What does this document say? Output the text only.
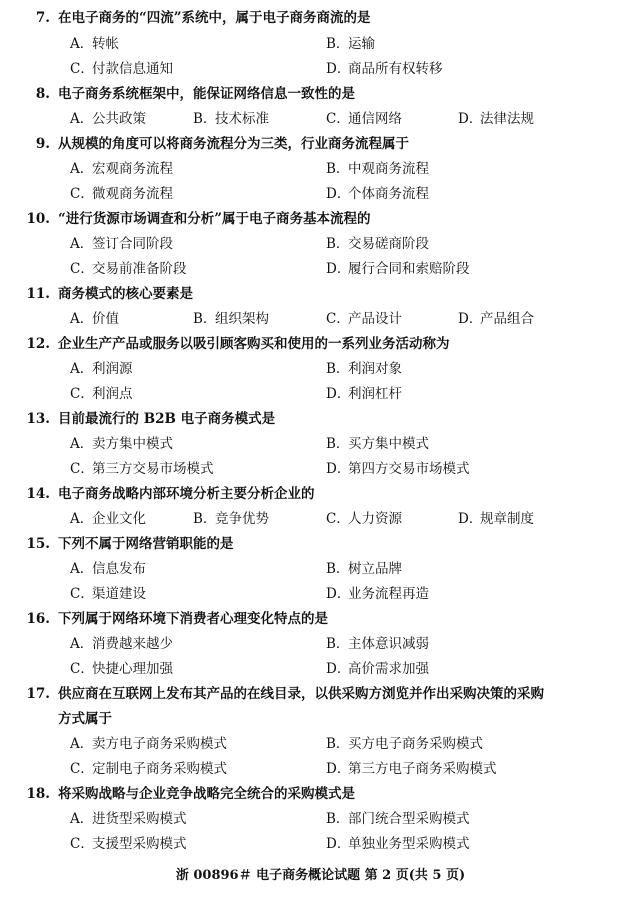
7. 在电子商务的“四流”系统中，属于电子商务商流的是
A．转帐	B．运输
C．付款信息通知	D．商品所有权转移
8. 电子商务系统框架中，能保证网络信息一致性的是
A．公共政策	B．技术标准	C．通信网络	D．法律法规
9. 从规模的角度可以将商务流程分为三类，行业商务流程属于
A．宏观商务流程	B．中观商务流程
C．微观商务流程	D．个体商务流程
10. “进行货源市场调查和分析”属于电子商务基本流程的
A．签订合同阶段	B．交易磋商阶段
C．交易前准备阶段	D．履行合同和索赔阶段
11. 商务模式的核心要素是
A．价值	B．组织架构	C．产品设计	D．产品组合
12. 企业生产产品或服务以吸引顾客购买和使用的一系列业务活动称为
A．利润源	B．利润对象
C．利润点	D．利润杠杆
13. 目前最流行的 B2B 电子商务模式是
A．卖方集中模式	B．买方集中模式
C．第三方交易市场模式	D．第四方交易市场模式
14. 电子商务战略内部环境分析主要分析企业的
A．企业文化	B．竞争优势	C．人力资源	D．规章制度
15. 下列不属于网络营销职能的是
A．信息发布	B．树立品牌
C．渠道建设	D．业务流程再造
16. 下列属于网络环境下消费者心理变化特点的是
A．消费越来越少	B．主体意识减弱
C．快捷心理加强	D．高价需求加强
17. 供应商在互联网上发布其产品的在线目录，以供采购方浏览并作出采购决策的采购
方式属于
A．卖方电子商务采购模式	B．买方电子商务采购模式
C．定制电子商务采购模式	D．第三方电子商务采购模式
18. 将采购战略与企业竞争战略完全统合的采购模式是
A．进货型采购模式	B．部门统合型采购模式
C．支援型采购模式	D．单独业务型采购模式
浙 00896＃ 电子商务概论试题 第 2 页(共 5 页)
